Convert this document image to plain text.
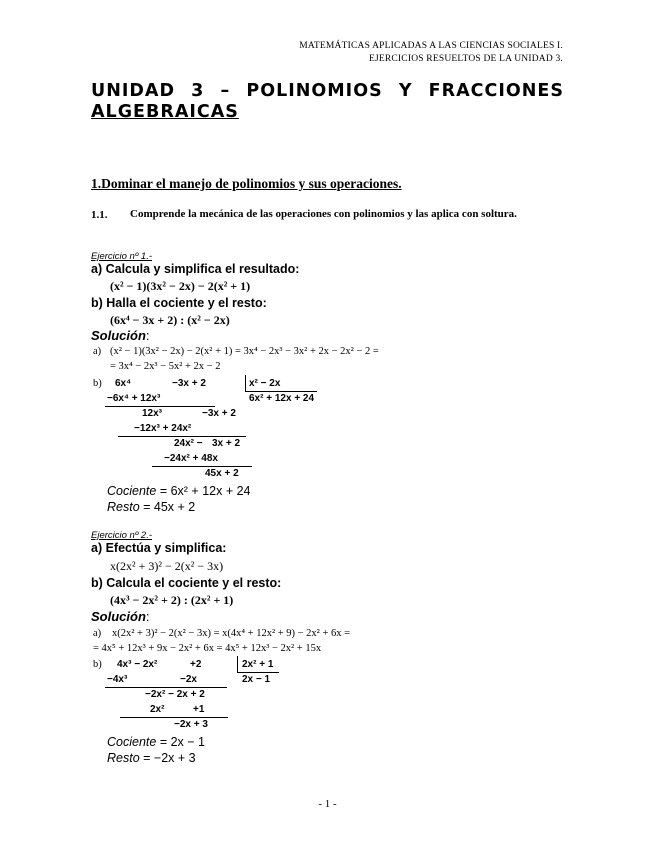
MATEMÁTICAS APLICADAS A LAS CIENCIAS SOCIALES I.
EJERCICIOS RESUELTOS DE LA UNIDAD 3.
UNIDAD 3 – POLINOMIOS Y FRACCIONES
ALGEBRAICAS
1.Dominar el manejo de polinomios y sus operaciones.
1.1. Comprende la mecánica de las operaciones con polinomios y las aplica con soltura.
Ejercicio nº 1.-
a) Calcula y simplifica el resultado:
(x² − 1)(3x² − 2x) − 2(x² + 1)
b) Halla el cociente y el resto:
(6x⁴ − 3x + 2) : (x² − 2x)
Solución:
a) (x² − 1)(3x² − 2x) − 2(x² + 1) = 3x⁴ − 2x³ − 3x² + 2x − 2x² − 2 =
= 3x⁴ − 2x³ − 5x² + 2x − 2
b) 6x⁴	−3x + 2	x² − 2x
6x² + 12x + 24
−6x⁴ + 12x³
12x³	−3x + 2
−12x³ + 24x²
24x² − 3x + 2
−24x² + 48x
45x + 2
Cociente = 6x² + 12x + 24
Resto = 45x + 2
Ejercicio nº 2.-
a) Efectúa y simplifica:
x(2x² + 3)² − 2(x² − 3x)
b) Calcula el cociente y el resto:
(4x³ − 2x² + 2) : (2x² + 1)
Solución:
a) x(2x² + 3)² − 2(x² − 3x) = x(4x⁴ + 12x² + 9) − 2x² + 6x =
= 4x⁵ + 12x³ + 9x − 2x² + 6x = 4x⁵ + 12x³ − 2x² + 15x
b) 4x³ − 2x²	+2	2x² + 1
2x − 1
−4x³	−2x
−2x² − 2x + 2
2x²	+1
−2x + 3
Cociente = 2x − 1
Resto = −2x + 3
- 1 -
